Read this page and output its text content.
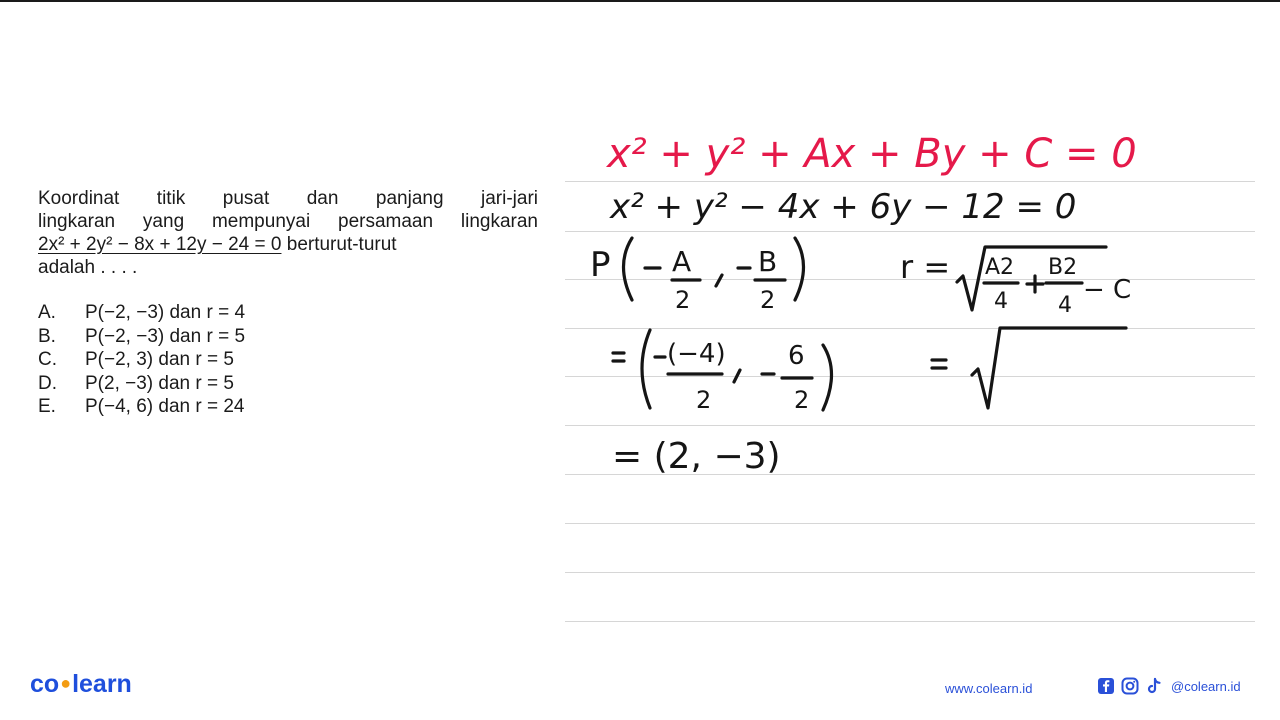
Koordinat titik pusat dan panjang jari-jari
lingkaran yang mempunyai persamaan lingkaran
2x² + 2y² − 8x + 12y − 24 = 0 berturut-turut
adalah . . . .
A.	P(−2, −3) dan r = 4
B.	P(−2, −3) dan r = 5
C.	P(−2, 3) dan r = 5
D.	P(2, −3) dan r = 5
E.	P(−4, 6) dan r = 24
x² + y² + Ax + By + C = 0
x² + y² − 4x + 6y − 12 = 0
P A
2
B
2
r = A2
4
B2
4
− C
(−4)
2
6
2
= (2, −3)
co●learn	www.colearn.id	@colearn.id
